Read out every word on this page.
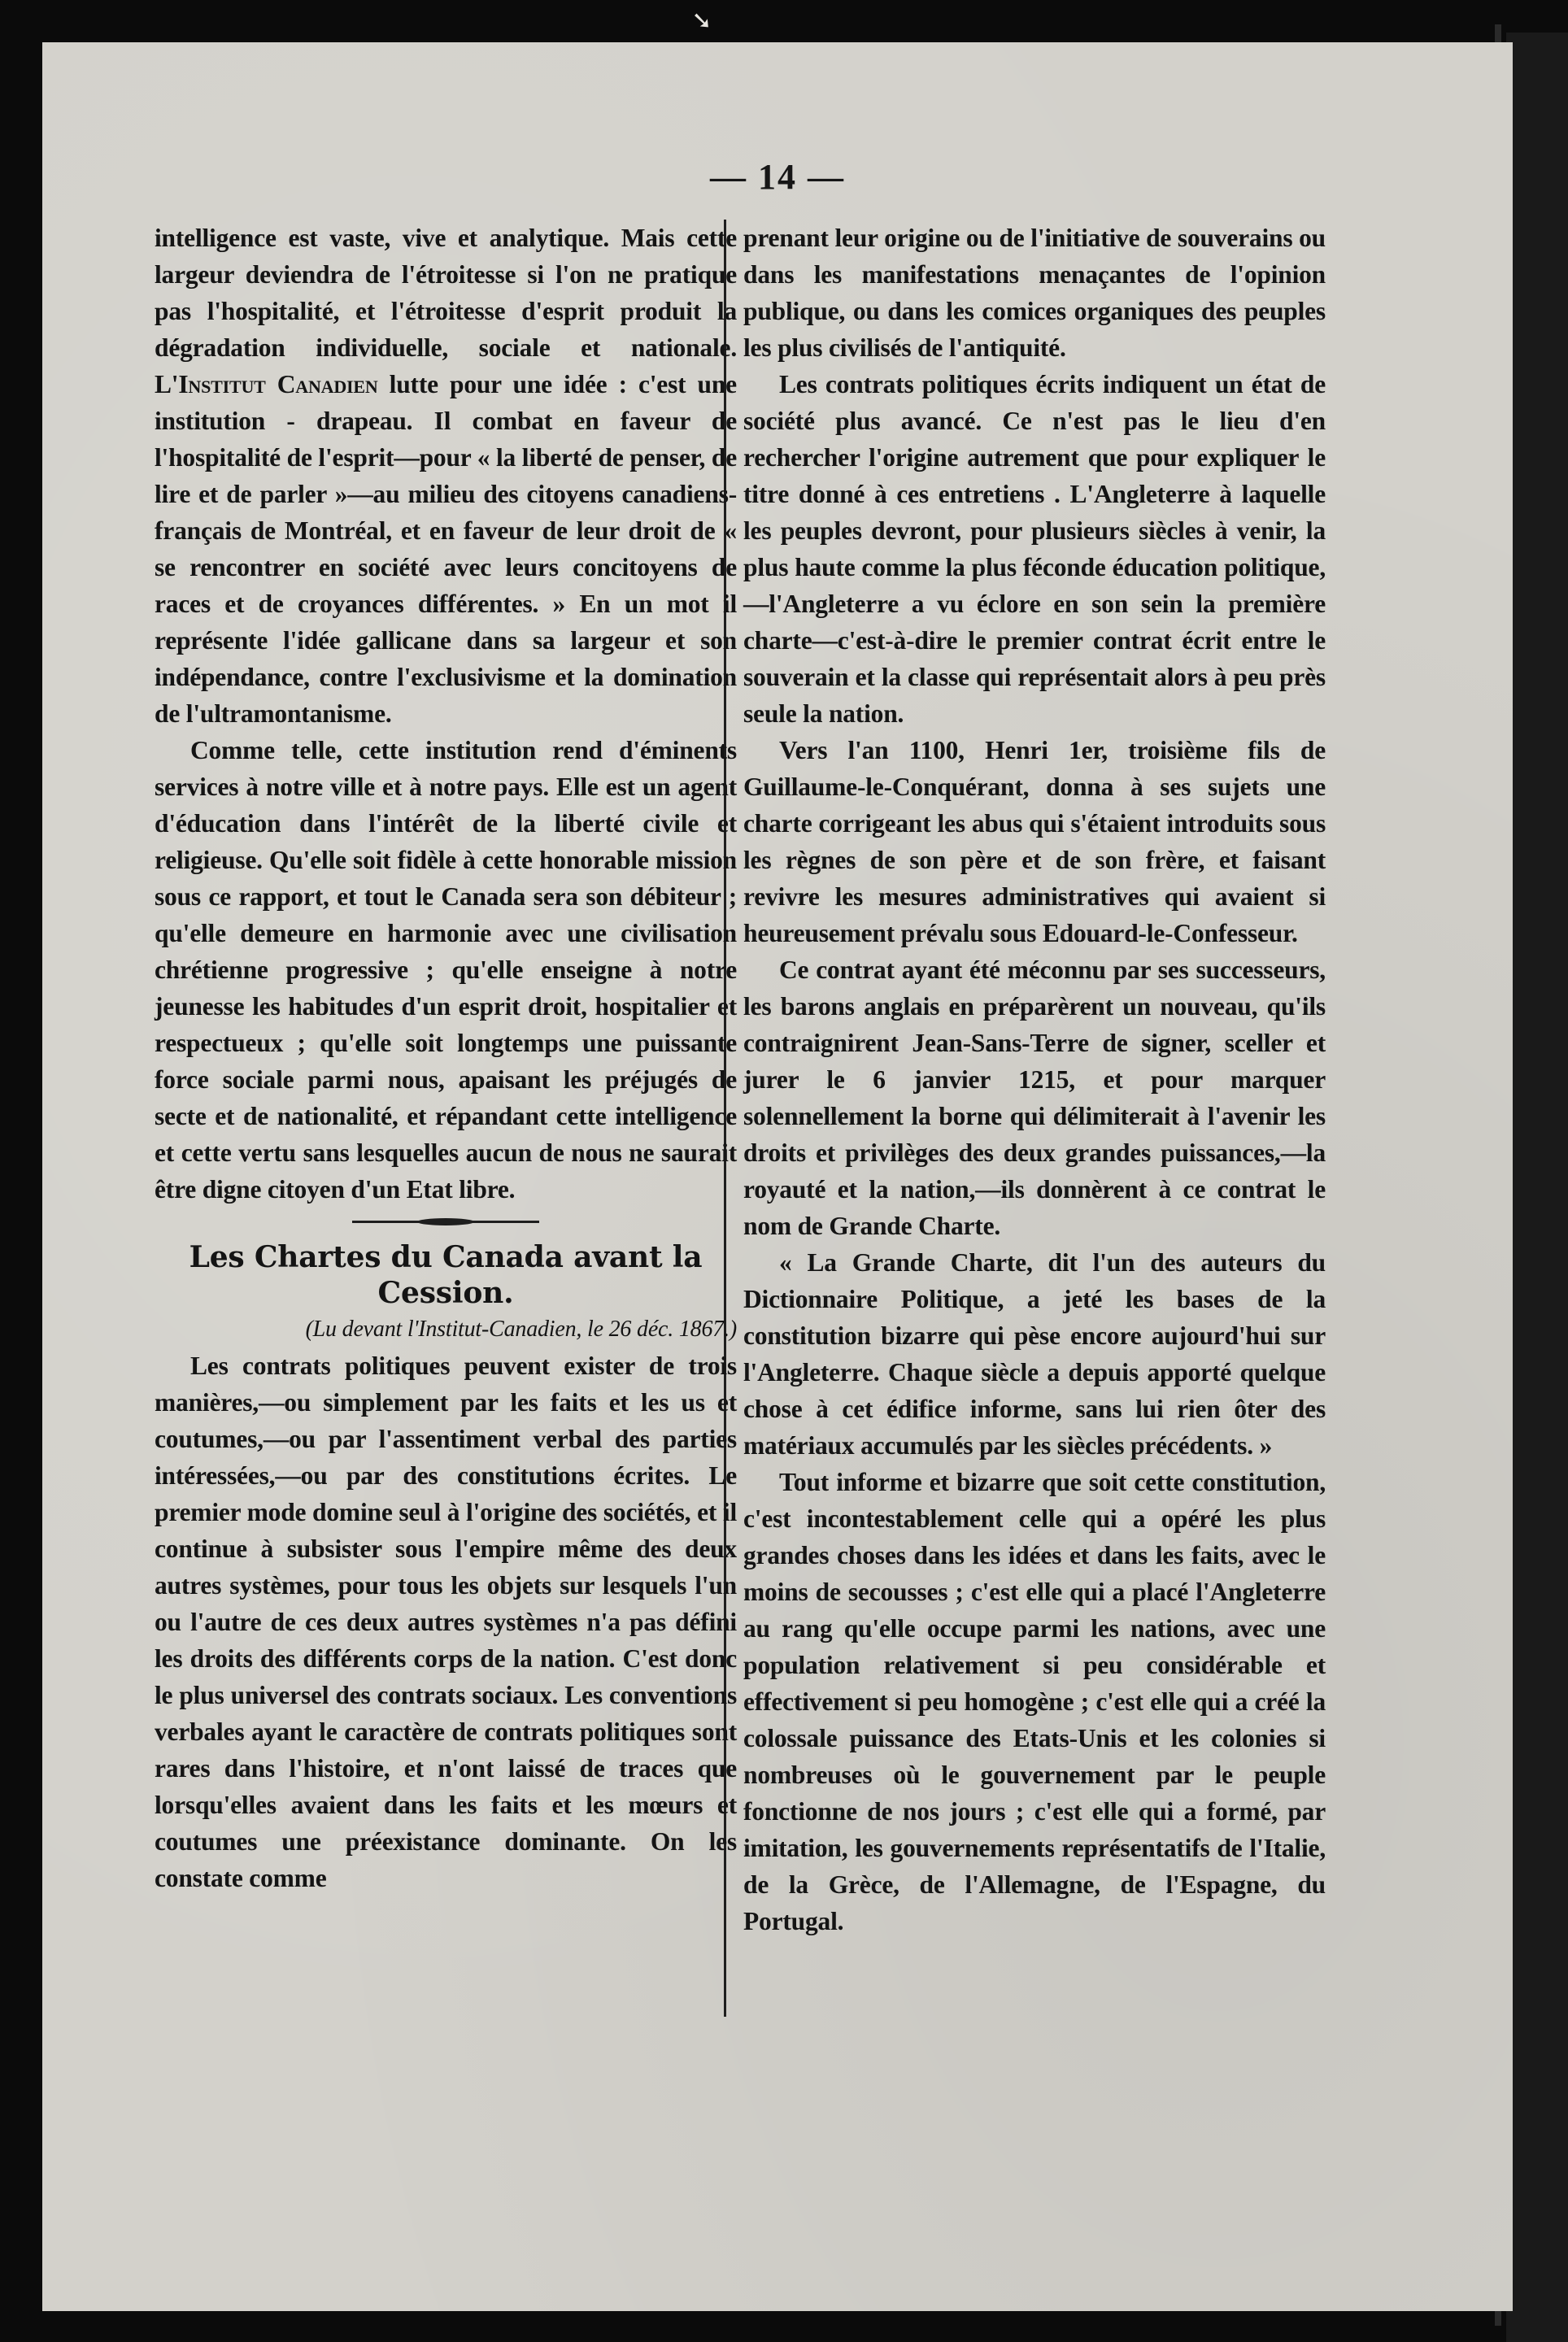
➘
— 14 —

intelligence est vaste, vive et analytique. Mais cette largeur deviendra de l'étroitesse si l'on ne pratique pas l'hospitalité, et l'étroitesse d'esprit produit la dégradation individuelle, sociale et nationale. L'Institut Canadien lutte pour une idée : c'est une institution - drapeau. Il combat en faveur de l'hospitalité de l'esprit—pour « la liberté de penser, de lire et de parler »—au milieu des citoyens canadiens-français de Montréal, et en faveur de leur droit de « se rencontrer en société avec leurs concitoyens de races et de croyances différentes. » En un mot il représente l'idée gallicane dans sa largeur et son indépendance, contre l'exclusivisme et la domination de l'ultramontanisme.

Comme telle, cette institution rend d'éminents services à notre ville et à notre pays. Elle est un agent d'éducation dans l'intérêt de la liberté civile et religieuse. Qu'elle soit fidèle à cette honorable mission sous ce rapport, et tout le Canada sera son débiteur ; qu'elle demeure en harmonie avec une civilisation chrétienne progressive ; qu'elle enseigne à notre jeunesse les habitudes d'un esprit droit, hospitalier et respectueux ; qu'elle soit longtemps une puissante force sociale parmi nous, apaisant les préjugés de secte et de nationalité, et répandant cette intelligence et cette vertu sans lesquelles aucun de nous ne saurait être digne citoyen d'un Etat libre.

Les Chartes du Canada avant la Cession.

(Lu devant l'Institut-Canadien, le 26 déc. 1867.)

Les contrats politiques peuvent exister de trois manières,—ou simplement par les faits et les us et coutumes,—ou par l'assentiment verbal des parties intéressées,—ou par des constitutions écrites. Le premier mode domine seul à l'origine des sociétés, et il continue à subsister sous l'empire même des deux autres systèmes, pour tous les objets sur lesquels l'un ou l'autre de ces deux autres systèmes n'a pas défini les droits des différents corps de la nation. C'est donc le plus universel des contrats sociaux. Les conventions verbales ayant le caractère de contrats politiques sont rares dans l'histoire, et n'ont laissé de traces que lorsqu'elles avaient dans les faits et les mœurs et coutumes une préexistance dominante. On les constate comme

prenant leur origine ou de l'initiative de souverains ou dans les manifestations menaçantes de l'opinion publique, ou dans les comices organiques des peuples les plus civilisés de l'antiquité.

Les contrats politiques écrits indiquent un état de société plus avancé. Ce n'est pas le lieu d'en rechercher l'origine autrement que pour expliquer le titre donné à ces entretiens . L'Angleterre à laquelle les peuples devront, pour plusieurs siècles à venir, la plus haute comme la plus féconde éducation politique,—l'Angleterre a vu éclore en son sein la première charte—c'est-à-dire le premier contrat écrit entre le souverain et la classe qui représentait alors à peu près seule la nation.

Vers l'an 1100, Henri 1er, troisième fils de Guillaume-le-Conquérant, donna à ses sujets une charte corrigeant les abus qui s'étaient introduits sous les règnes de son père et de son frère, et faisant revivre les mesures administratives qui avaient si heureusement prévalu sous Edouard-le-Confesseur.

Ce contrat ayant été méconnu par ses successeurs, les barons anglais en préparèrent un nouveau, qu'ils contraignirent Jean-Sans-Terre de signer, sceller et jurer le 6 janvier 1215, et pour marquer solennellement la borne qui délimiterait à l'avenir les droits et privilèges des deux grandes puissances,—la royauté et la nation,—ils donnèrent à ce contrat le nom de Grande Charte.

« La Grande Charte, dit l'un des auteurs du Dictionnaire Politique, a jeté les bases de la constitution bizarre qui pèse encore aujourd'hui sur l'Angleterre. Chaque siècle a depuis apporté quelque chose à cet édifice informe, sans lui rien ôter des matériaux accumulés par les siècles précédents. »

Tout informe et bizarre que soit cette constitution, c'est incontestablement celle qui a opéré les plus grandes choses dans les idées et dans les faits, avec le moins de secousses ; c'est elle qui a placé l'Angleterre au rang qu'elle occupe parmi les nations, avec une population relativement si peu considérable et effectivement si peu homogène ; c'est elle qui a créé la colossale puissance des Etats-Unis et les colonies si nombreuses où le gouvernement par le peuple fonctionne de nos jours ; c'est elle qui a formé, par imitation, les gouvernements représentatifs de l'Italie, de la Grèce, de l'Allemagne, de l'Espagne, du Portugal.
